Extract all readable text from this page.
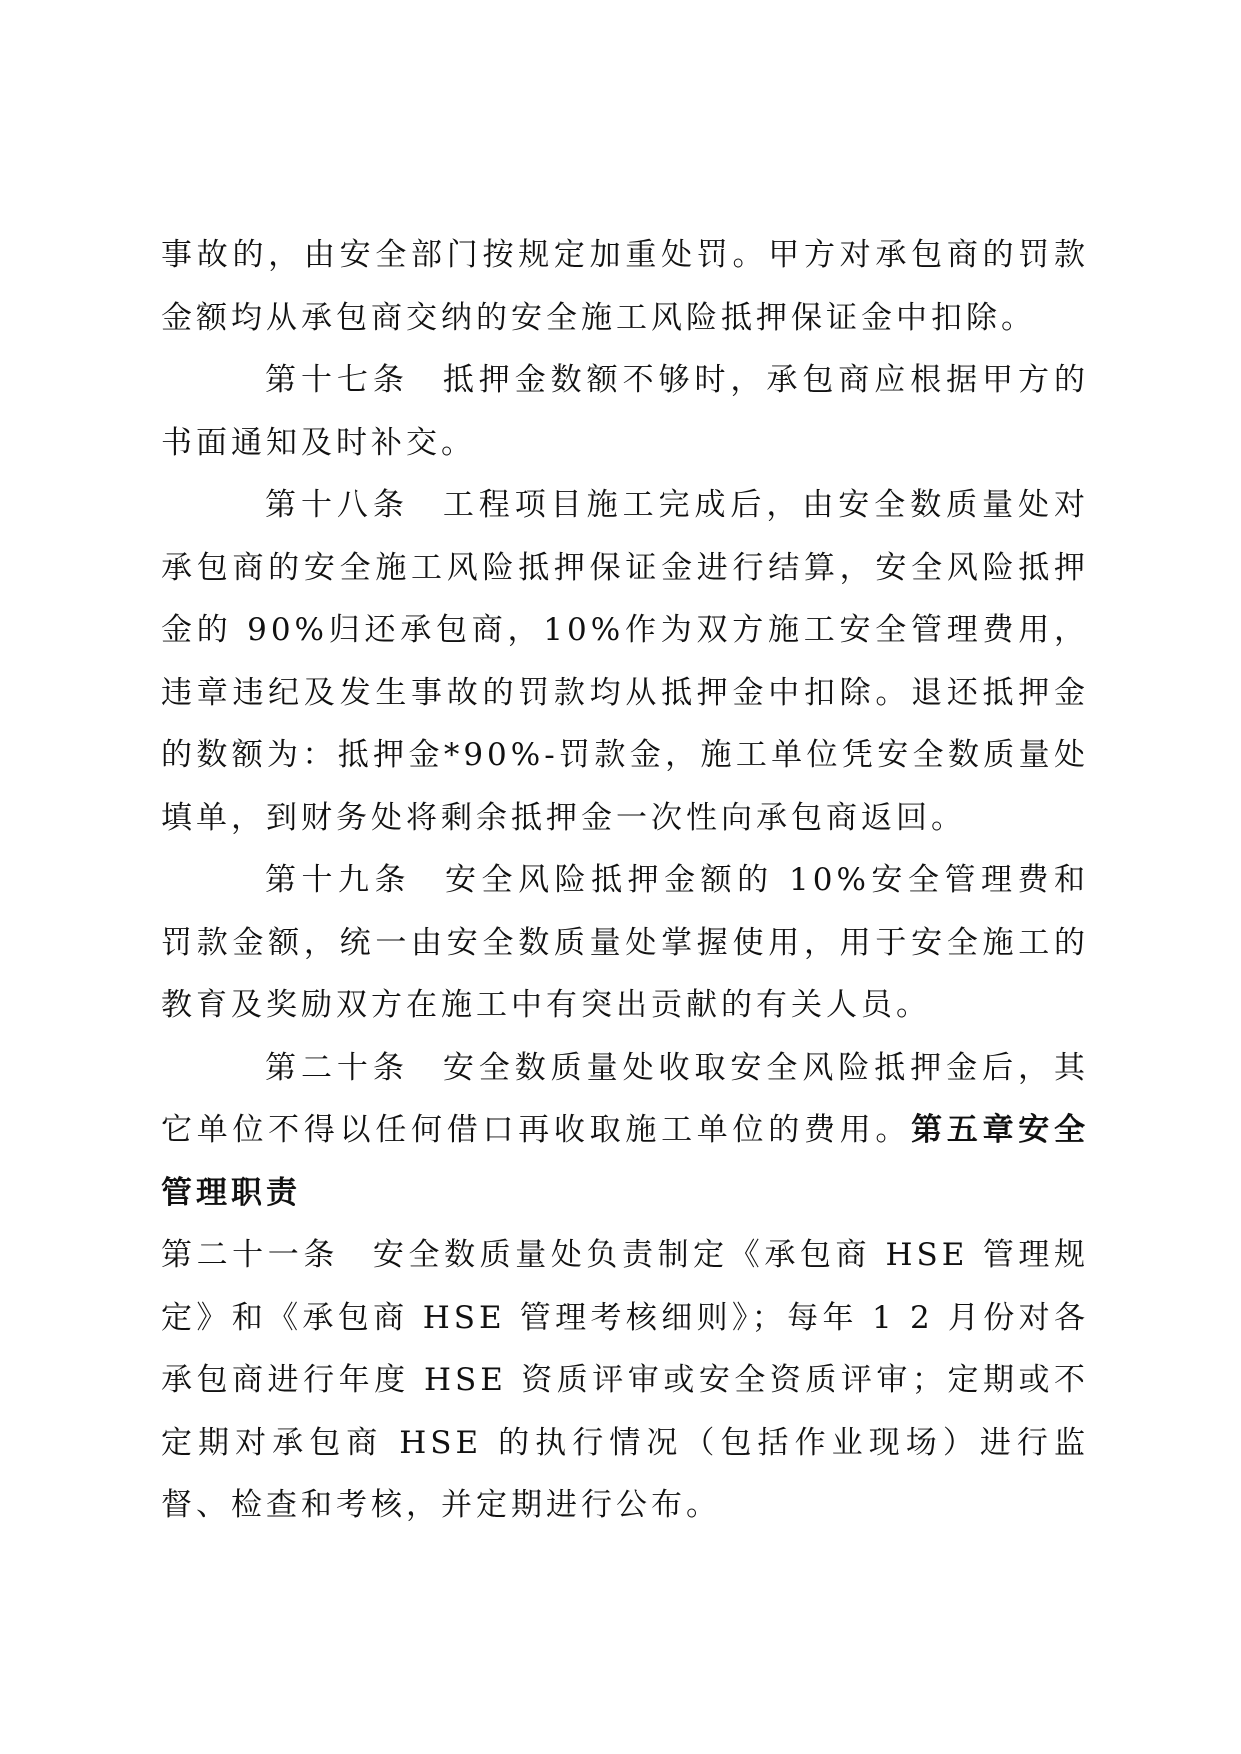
事故的，由安全部门按规定加重处罚。甲方对承包商的罚款金额均从承包商交纳的安全施工风险抵押保证金中扣除。

第十七条 抵押金数额不够时，承包商应根据甲方的书面通知及时补交。

第十八条 工程项目施工完成后，由安全数质量处对承包商的安全施工风险抵押保证金进行结算，安全风险抵押金的 90%归还承包商，10%作为双方施工安全管理费用，违章违纪及发生事故的罚款均从抵押金中扣除。退还抵押金的数额为：抵押金*90%-罚款金，施工单位凭安全数质量处填单，到财务处将剩余抵押金一次性向承包商返回。

第十九条 安全风险抵押金额的 10%安全管理费和罚款金额，统一由安全数质量处掌握使用，用于安全施工的教育及奖励双方在施工中有突出贡献的有关人员。

第二十条 安全数质量处收取安全风险抵押金后，其它单位不得以任何借口再收取施工单位的费用。第五章安全管理职责

第二十一条 安全数质量处负责制定《承包商 HSE 管理规定》和《承包商 HSE 管理考核细则》；每年 1 2 月份对各承包商进行年度 HSE 资质评审或安全资质评审；定期或不定期对承包商 HSE 的执行情况（包括作业现场）进行监督、检查和考核，并定期进行公布。
